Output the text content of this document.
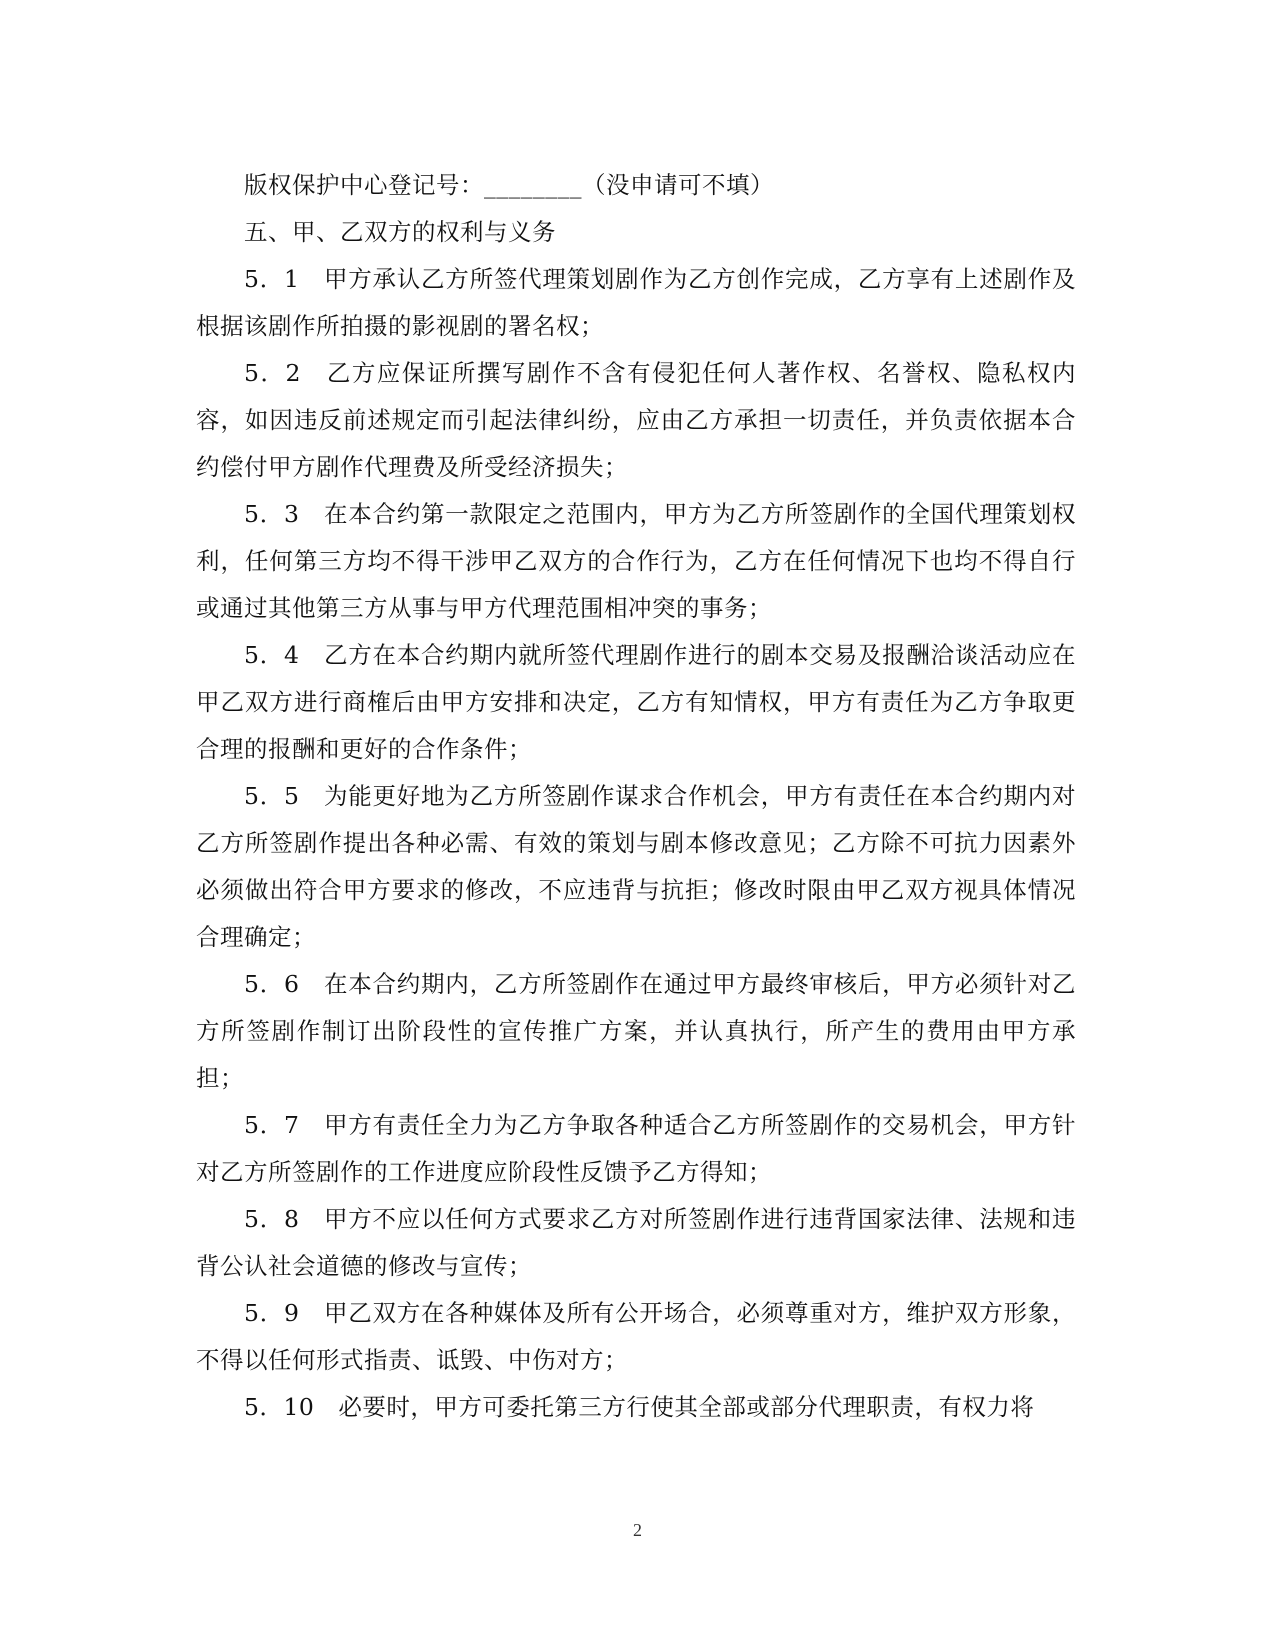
版权保护中心登记号：________（没申请可不填）

五、甲、乙双方的权利与义务

5．1　甲方承认乙方所签代理策划剧作为乙方创作完成，乙方享有上述剧作及根据该剧作所拍摄的影视剧的署名权；

5．2　乙方应保证所撰写剧作不含有侵犯任何人著作权、名誉权、隐私权内容，如因违反前述规定而引起法律纠纷，应由乙方承担一切责任，并负责依据本合约偿付甲方剧作代理费及所受经济损失；

5．3　在本合约第一款限定之范围内，甲方为乙方所签剧作的全国代理策划权利，任何第三方均不得干涉甲乙双方的合作行为，乙方在任何情况下也均不得自行或通过其他第三方从事与甲方代理范围相冲突的事务；

5．4　乙方在本合约期内就所签代理剧作进行的剧本交易及报酬洽谈活动应在甲乙双方进行商榷后由甲方安排和决定，乙方有知情权，甲方有责任为乙方争取更合理的报酬和更好的合作条件；

5．5　为能更好地为乙方所签剧作谋求合作机会，甲方有责任在本合约期内对乙方所签剧作提出各种必需、有效的策划与剧本修改意见；乙方除不可抗力因素外必须做出符合甲方要求的修改，不应违背与抗拒；修改时限由甲乙双方视具体情况合理确定；

5．6　在本合约期内，乙方所签剧作在通过甲方最终审核后，甲方必须针对乙方所签剧作制订出阶段性的宣传推广方案，并认真执行，所产生的费用由甲方承担；

5．7　甲方有责任全力为乙方争取各种适合乙方所签剧作的交易机会，甲方针对乙方所签剧作的工作进度应阶段性反馈予乙方得知；

5．8　甲方不应以任何方式要求乙方对所签剧作进行违背国家法律、法规和违背公认社会道德的修改与宣传；

5．9　甲乙双方在各种媒体及所有公开场合，必须尊重对方，维护双方形象，不得以任何形式指责、诋毁、中伤对方；

5．10　必要时，甲方可委托第三方行使其全部或部分代理职责，有权力将

2
